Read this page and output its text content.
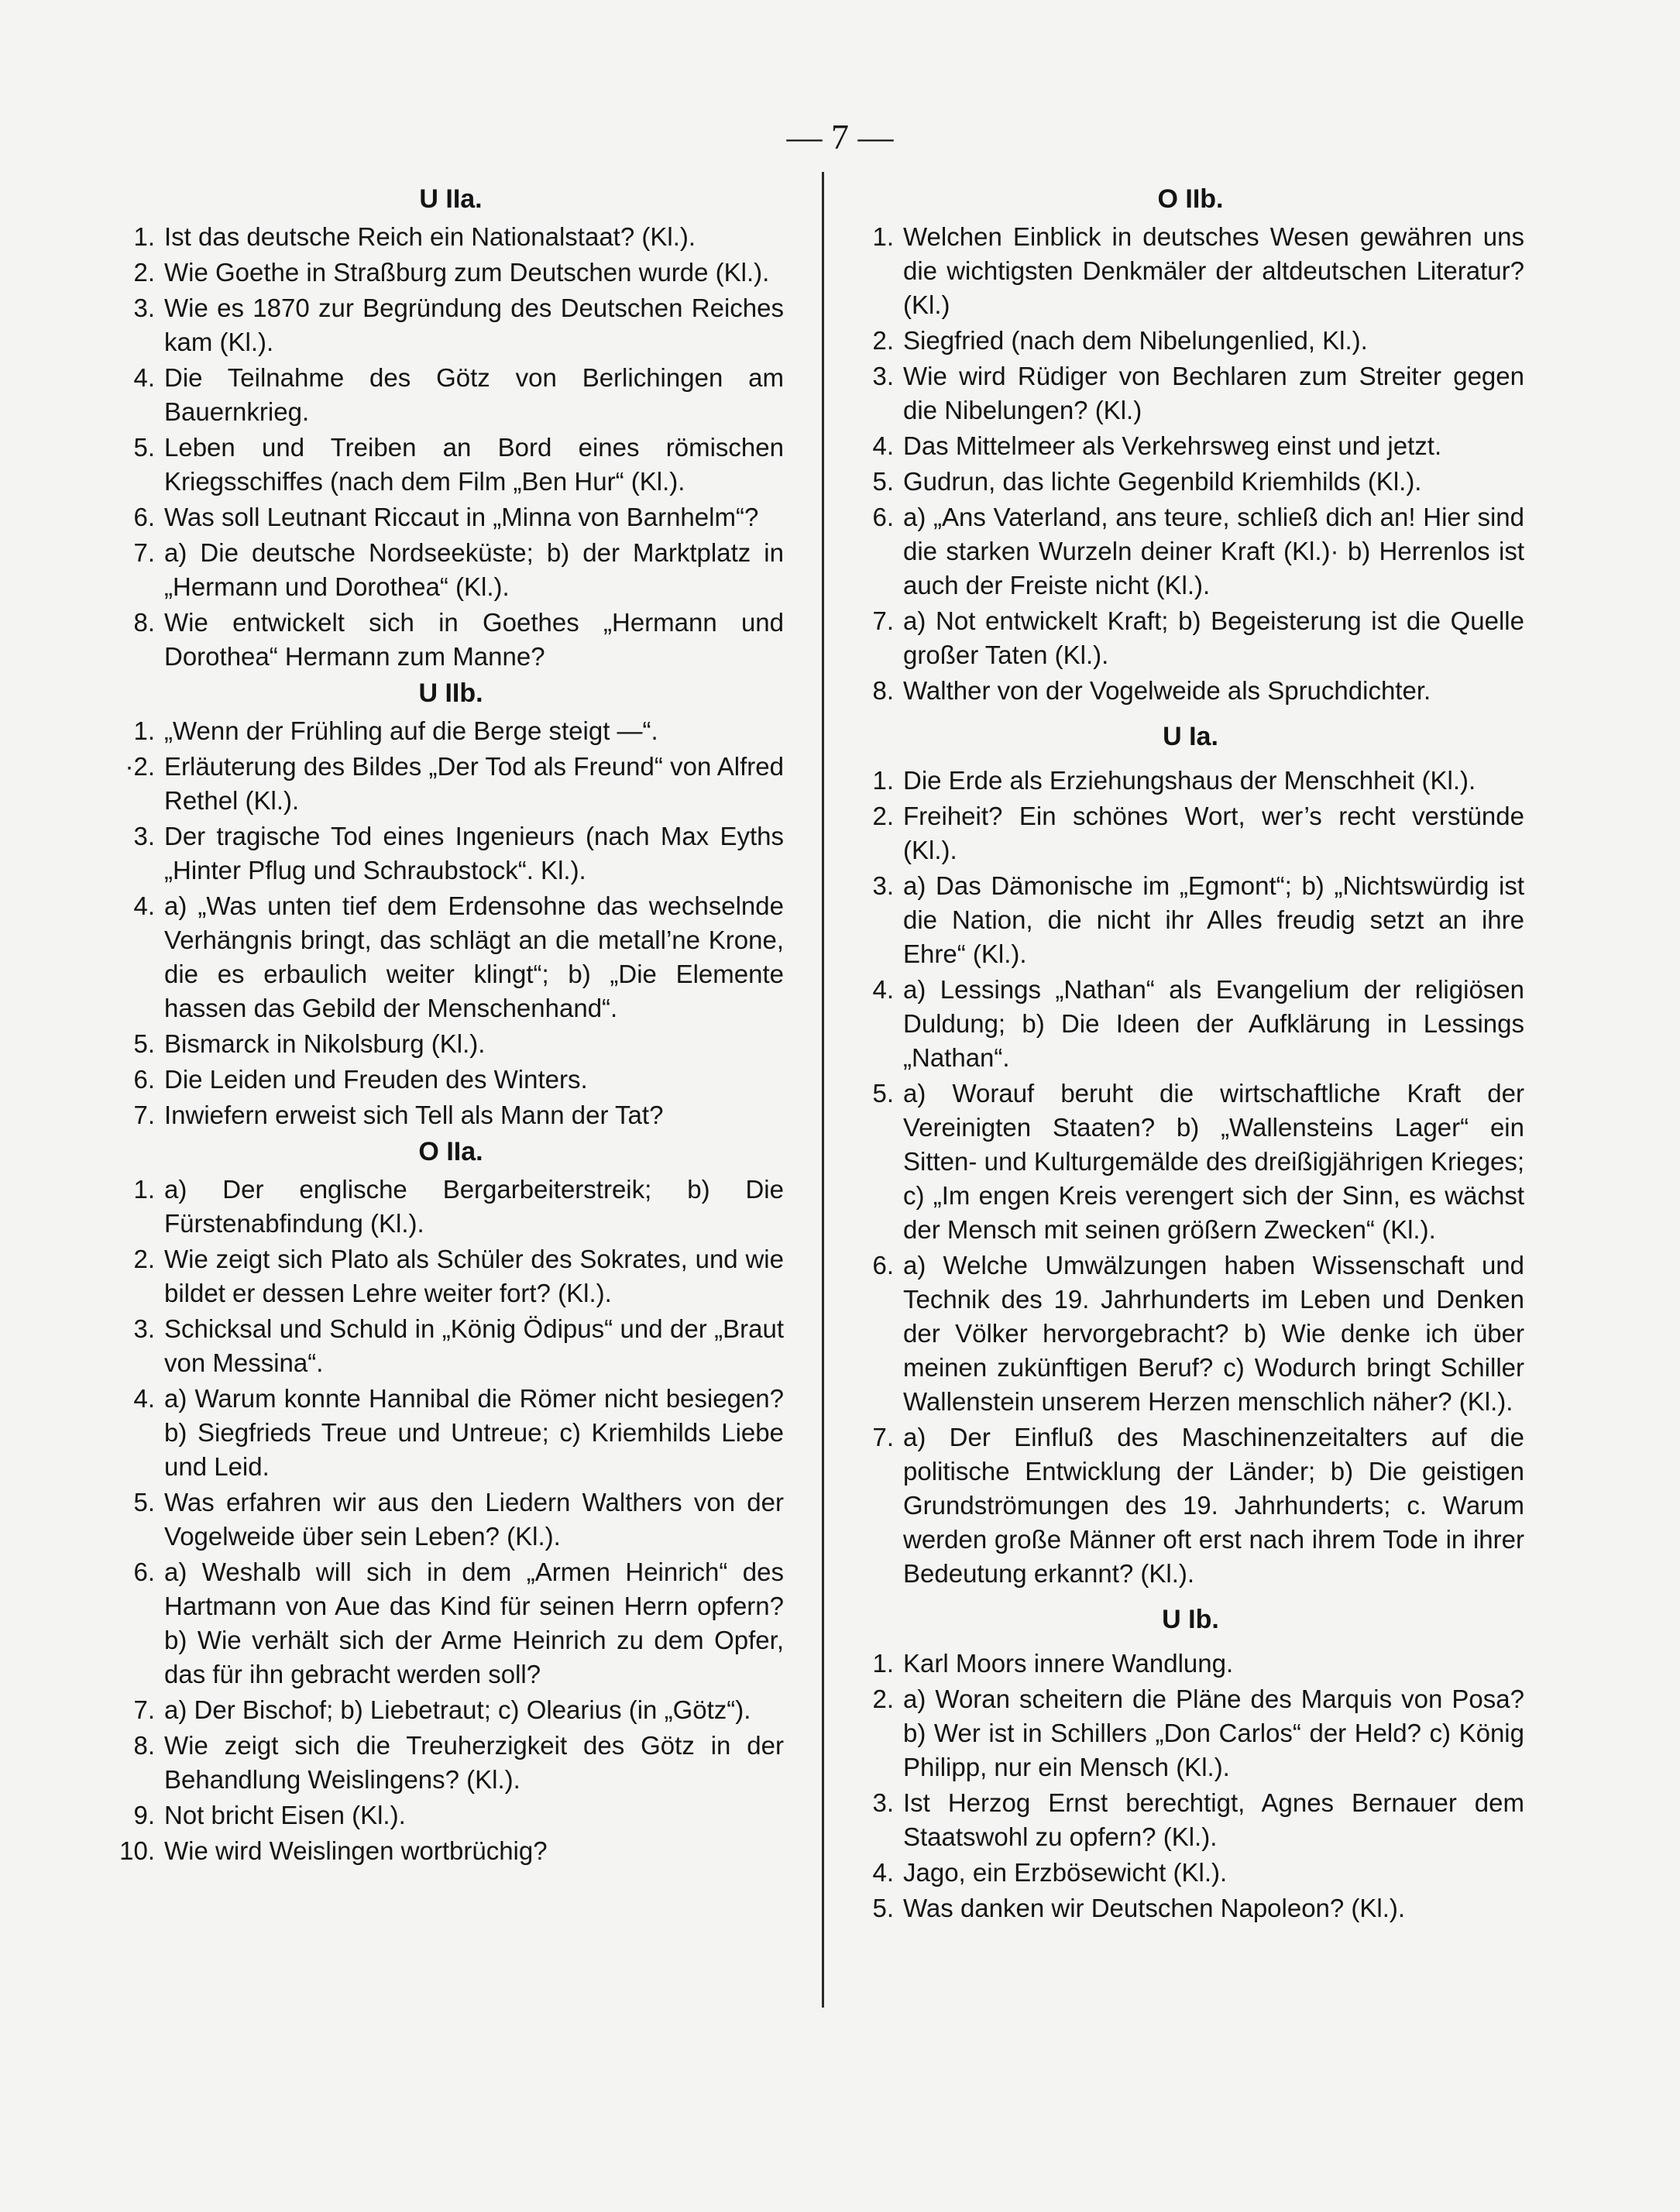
— 7 —
U IIa.
1. Ist das deutsche Reich ein Nationalstaat? (Kl.).
2. Wie Goethe in Straßburg zum Deutschen wurde (Kl.).
3. Wie es 1870 zur Begründung des Deutschen Reiches kam (Kl.).
4. Die Teilnahme des Götz von Berlichingen am Bauernkrieg.
5. Leben und Treiben an Bord eines römischen Kriegsschiffes (nach dem Film „Ben Hur“ (Kl.).
6. Was soll Leutnant Riccaut in „Minna von Barnhelm“?
7. a) Die deutsche Nordseeküste; b) der Marktplatz in „Hermann und Dorothea“ (Kl.).
8. Wie entwickelt sich in Goethes „Hermann und Dorothea“ Hermann zum Manne?
U IIb.
1. „Wenn der Frühling auf die Berge steigt —“.
·2. Erläuterung des Bildes „Der Tod als Freund“ von Alfred Rethel (Kl.).
3. Der tragische Tod eines Ingenieurs (nach Max Eyths „Hinter Pflug und Schraubstock“. Kl.).
4. a) „Was unten tief dem Erdensohne das wechselnde Verhängnis bringt, das schlägt an die metall’ne Krone, die es erbaulich weiter klingt“; b) „Die Elemente hassen das Gebild der Menschenhand“.
5. Bismarck in Nikolsburg (Kl.).
6. Die Leiden und Freuden des Winters.
7. Inwiefern erweist sich Tell als Mann der Tat?
O IIa.
1. a) Der englische Bergarbeiterstreik; b) Die Fürstenabfindung (Kl.).
2. Wie zeigt sich Plato als Schüler des Sokrates, und wie bildet er dessen Lehre weiter fort? (Kl.).
3. Schicksal und Schuld in „König Ödipus“ und der „Braut von Messina“.
4. a) Warum konnte Hannibal die Römer nicht besiegen? b) Siegfrieds Treue und Untreue; c) Kriemhilds Liebe und Leid.
5. Was erfahren wir aus den Liedern Walthers von der Vogelweide über sein Leben? (Kl.).
6. a) Weshalb will sich in dem „Armen Heinrich“ des Hartmann von Aue das Kind für seinen Herrn opfern? b) Wie verhält sich der Arme Heinrich zu dem Opfer, das für ihn gebracht werden soll?
7. a) Der Bischof; b) Liebetraut; c) Olearius (in „Götz“).
8. Wie zeigt sich die Treuherzigkeit des Götz in der Behandlung Weislingens? (Kl.).
9. Not bricht Eisen (Kl.).
10. Wie wird Weislingen wortbrüchig?
O IIb.
1. Welchen Einblick in deutsches Wesen gewähren uns die wichtigsten Denkmäler der altdeutschen Literatur? (Kl.)
2. Siegfried (nach dem Nibelungenlied, Kl.).
3. Wie wird Rüdiger von Bechlaren zum Streiter gegen die Nibelungen? (Kl.)
4. Das Mittelmeer als Verkehrsweg einst und jetzt.
5. Gudrun, das lichte Gegenbild Kriemhilds (Kl.).
6. a) „Ans Vaterland, ans teure, schließ dich an! Hier sind die starken Wurzeln deiner Kraft (Kl.)· b) Herrenlos ist auch der Freiste nicht (Kl.).
7. a) Not entwickelt Kraft; b) Begeisterung ist die Quelle großer Taten (Kl.).
8. Walther von der Vogelweide als Spruchdichter.
U Ia.
1. Die Erde als Erziehungshaus der Menschheit (Kl.).
2. Freiheit? Ein schönes Wort, wer’s recht verstünde (Kl.).
3. a) Das Dämonische im „Egmont“; b) „Nichtswürdig ist die Nation, die nicht ihr Alles freudig setzt an ihre Ehre“ (Kl.).
4. a) Lessings „Nathan“ als Evangelium der religiösen Duldung; b) Die Ideen der Aufklärung in Lessings „Nathan“.
5. a) Worauf beruht die wirtschaftliche Kraft der Vereinigten Staaten? b) „Wallensteins Lager“ ein Sitten- und Kulturgemälde des dreißigjährigen Krieges; c) „Im engen Kreis verengert sich der Sinn, es wächst der Mensch mit seinen größern Zwecken“ (Kl.).
6. a) Welche Umwälzungen haben Wissenschaft und Technik des 19. Jahrhunderts im Leben und Denken der Völker hervorgebracht? b) Wie denke ich über meinen zukünftigen Beruf? c) Wodurch bringt Schiller Wallenstein unserem Herzen menschlich näher? (Kl.).
7. a) Der Einfluß des Maschinenzeitalters auf die politische Entwicklung der Länder; b) Die geistigen Grundströmungen des 19. Jahrhunderts; c. Warum werden große Männer oft erst nach ihrem Tode in ihrer Bedeutung erkannt? (Kl.).
U Ib.
1. Karl Moors innere Wandlung.
2. a) Woran scheitern die Pläne des Marquis von Posa? b) Wer ist in Schillers „Don Carlos“ der Held? c) König Philipp, nur ein Mensch (Kl.).
3. Ist Herzog Ernst berechtigt, Agnes Bernauer dem Staatswohl zu opfern? (Kl.).
4. Jago, ein Erzbösewicht (Kl.).
5. Was danken wir Deutschen Napoleon? (Kl.).
